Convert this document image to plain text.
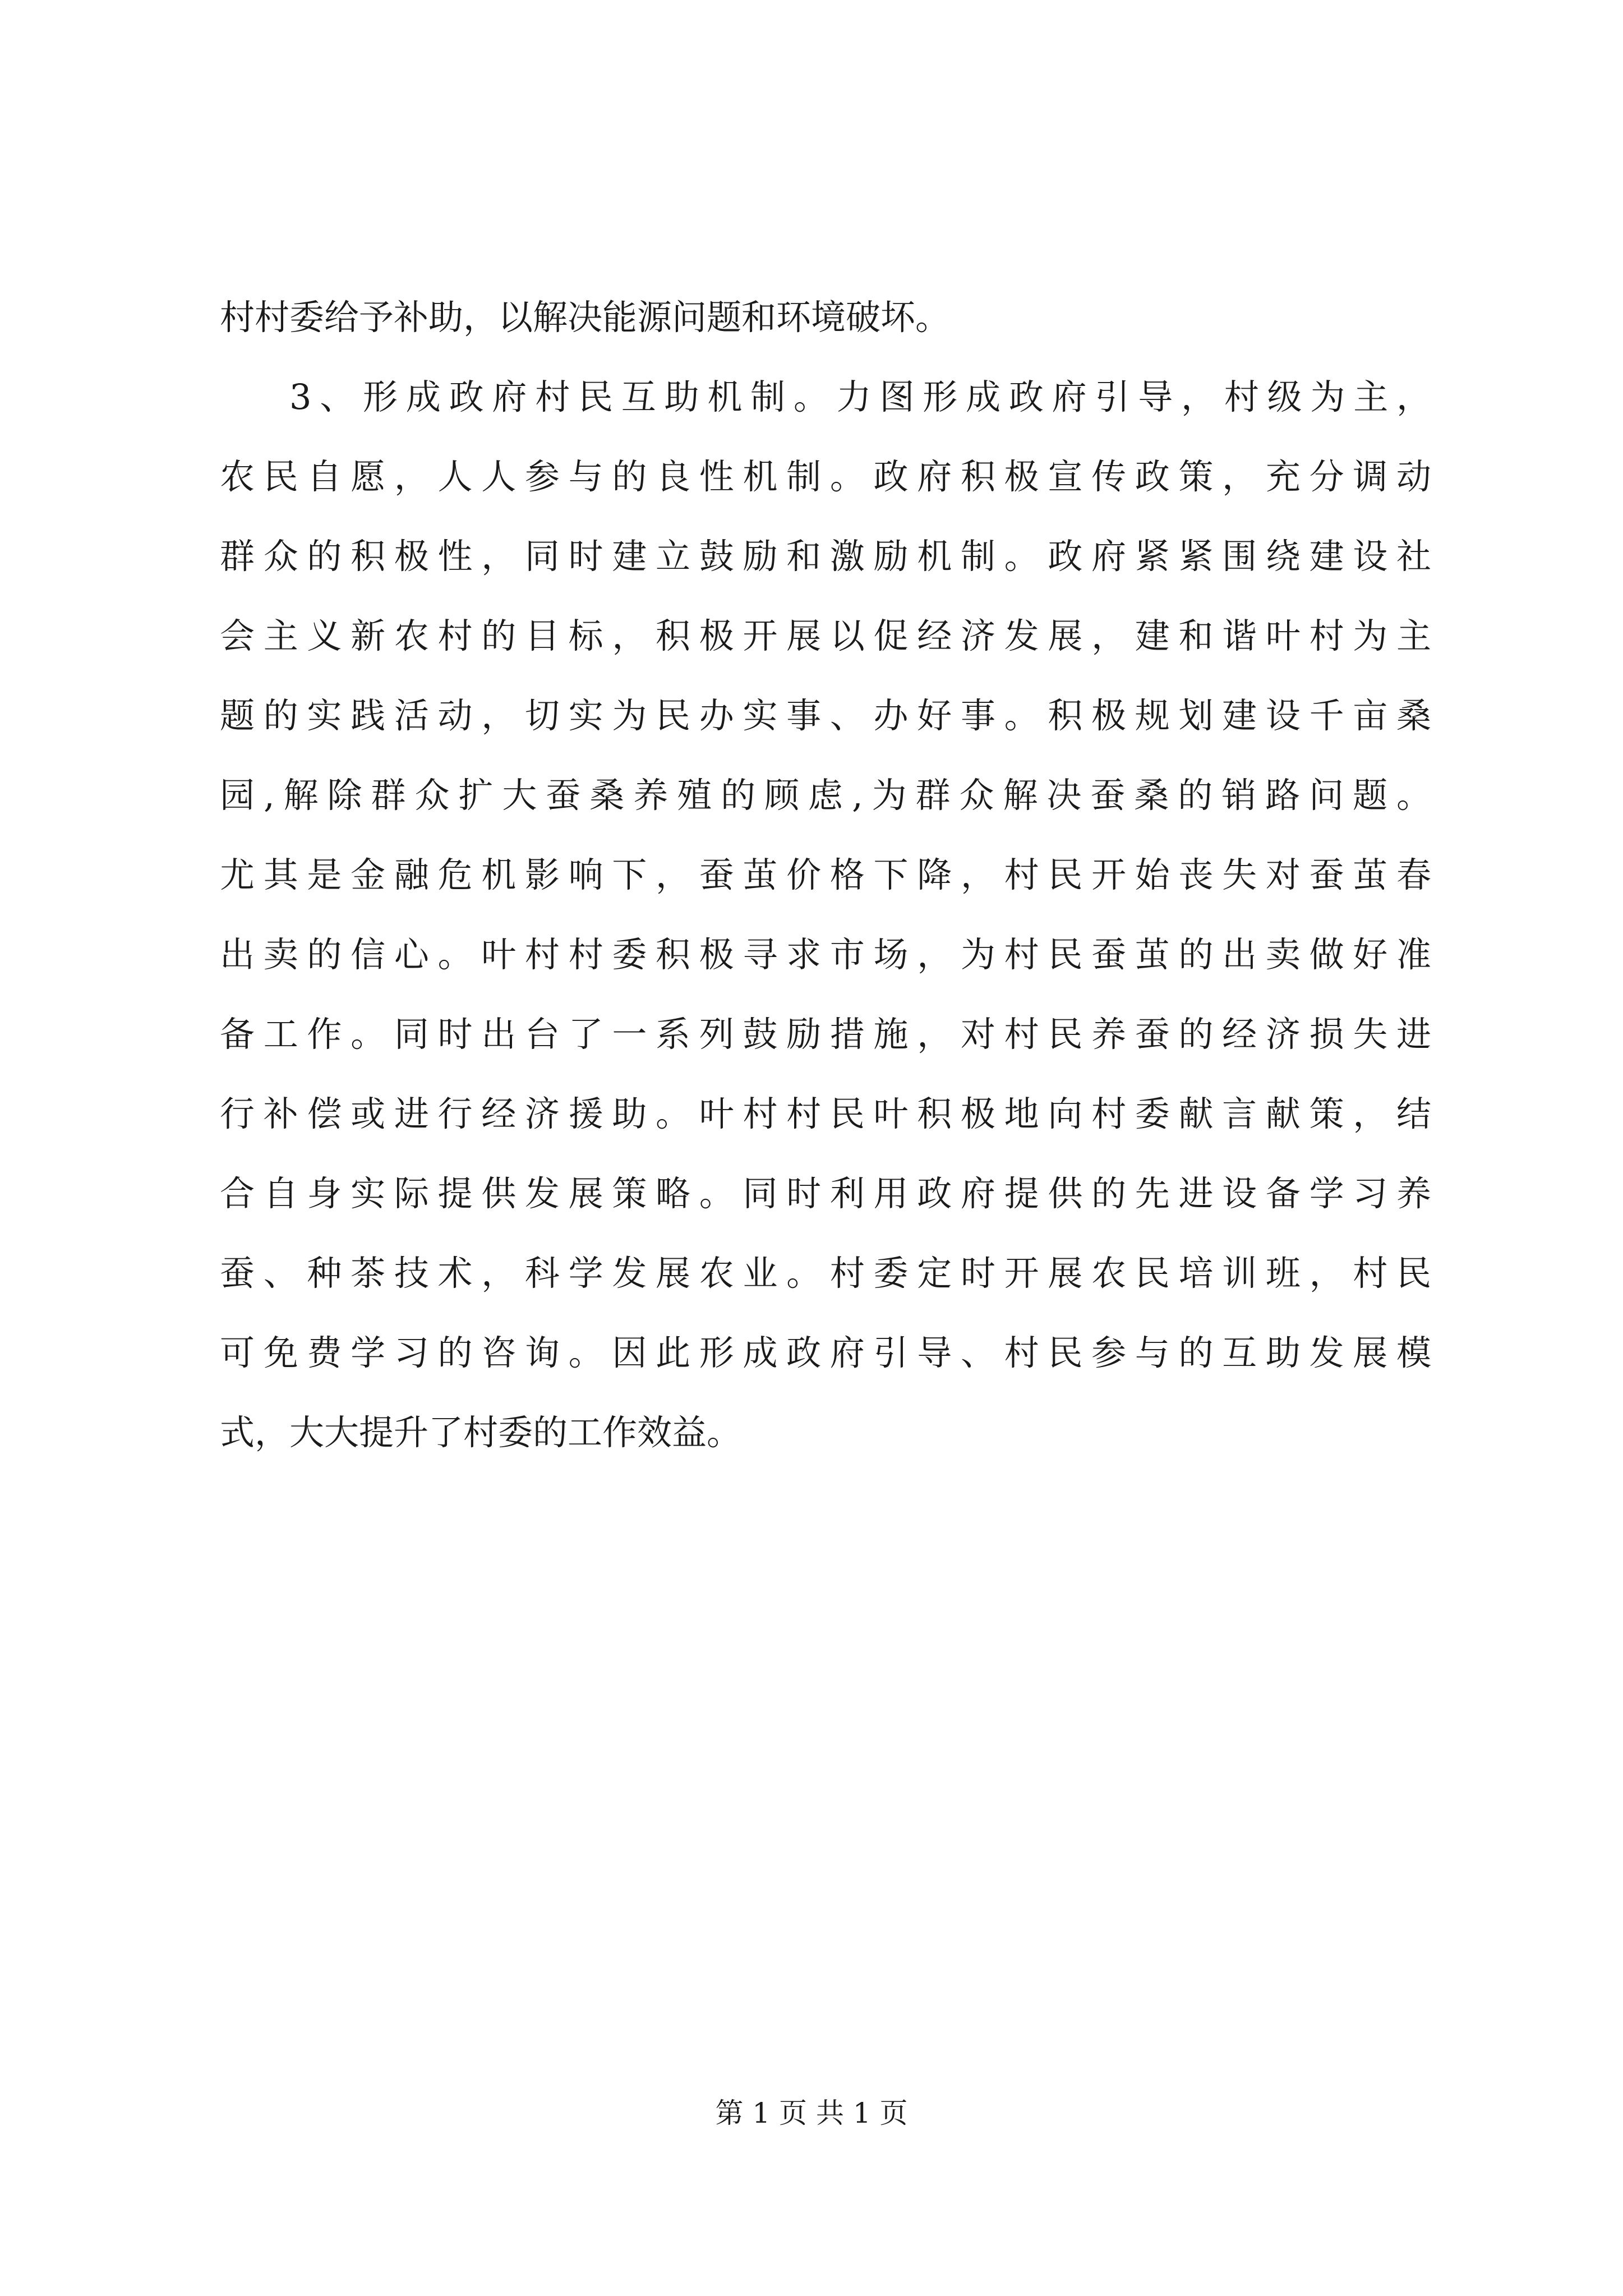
村村委给予补助，以解决能源问题和环境破坏。
3、形成政府村民互助机制。力图形成政府引导，村级为主，
农民自愿，人人参与的良性机制。政府积极宣传政策，充分调动
群众的积极性，同时建立鼓励和激励机制。政府紧紧围绕建设社
会主义新农村的目标，积极开展以促经济发展，建和谐叶村为主
题的实践活动，切实为民办实事、办好事。积极规划建设千亩桑
园,解除群众扩大蚕桑养殖的顾虑,为群众解决蚕桑的销路问题。
尤其是金融危机影响下，蚕茧价格下降，村民开始丧失对蚕茧春
出卖的信心。叶村村委积极寻求市场，为村民蚕茧的出卖做好准
备工作。同时出台了一系列鼓励措施，对村民养蚕的经济损失进
行补偿或进行经济援助。叶村村民叶积极地向村委献言献策，结
合自身实际提供发展策略。同时利用政府提供的先进设备学习养
蚕、种茶技术，科学发展农业。村委定时开展农民培训班，村民
可免费学习的咨询。因此形成政府引导、村民参与的互助发展模
式，大大提升了村委的工作效益。
第 1 页 共 1 页
